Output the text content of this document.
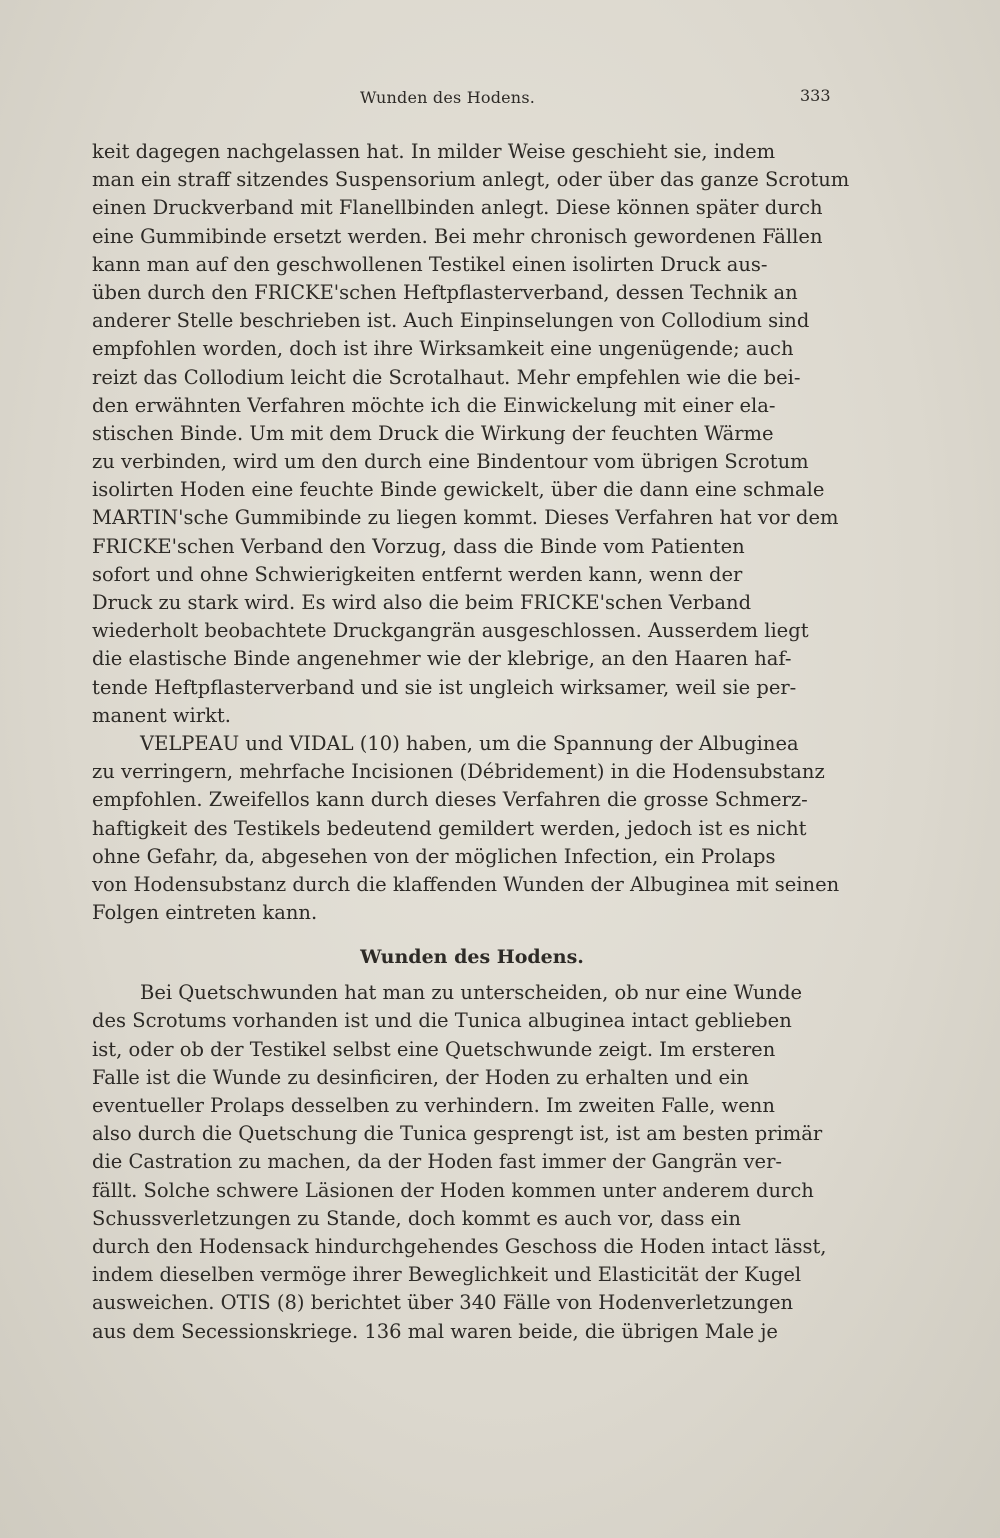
Wunden des Hodens.	333
keit dagegen nachgelassen hat. In milder Weise geschieht sie, indem
man ein straff sitzendes Suspensorium anlegt, oder über das ganze Scrotum
einen Druckverband mit Flanellbinden anlegt. Diese können später durch
eine Gummibinde ersetzt werden. Bei mehr chronisch gewordenen Fällen
kann man auf den geschwollenen Testikel einen isolirten Druck aus-
üben durch den FRICKE'schen Heftpflasterverband, dessen Technik an
anderer Stelle beschrieben ist. Auch Einpinselungen von Collodium sind
empfohlen worden, doch ist ihre Wirksamkeit eine ungenügende; auch
reizt das Collodium leicht die Scrotalhaut. Mehr empfehlen wie die bei-
den erwähnten Verfahren möchte ich die Einwickelung mit einer ela-
stischen Binde. Um mit dem Druck die Wirkung der feuchten Wärme
zu verbinden, wird um den durch eine Bindentour vom übrigen Scrotum
isolirten Hoden eine feuchte Binde gewickelt, über die dann eine schmale
MARTIN'sche Gummibinde zu liegen kommt. Dieses Verfahren hat vor dem
FRICKE'schen Verband den Vorzug, dass die Binde vom Patienten
sofort und ohne Schwierigkeiten entfernt werden kann, wenn der
Druck zu stark wird. Es wird also die beim FRICKE'schen Verband
wiederholt beobachtete Druckgangrän ausgeschlossen. Ausserdem liegt
die elastische Binde angenehmer wie der klebrige, an den Haaren haf-
tende Heftpflasterverband und sie ist ungleich wirksamer, weil sie per-
manent wirkt.
VELPEAU und VIDAL (10) haben, um die Spannung der Albuginea
zu verringern, mehrfache Incisionen (Débridement) in die Hodensubstanz
empfohlen. Zweifellos kann durch dieses Verfahren die grosse Schmerz-
haftigkeit des Testikels bedeutend gemildert werden, jedoch ist es nicht
ohne Gefahr, da, abgesehen von der möglichen Infection, ein Prolaps
von Hodensubstanz durch die klaffenden Wunden der Albuginea mit seinen
Folgen eintreten kann.
Wunden des Hodens.
Bei Quetschwunden hat man zu unterscheiden, ob nur eine Wunde
des Scrotums vorhanden ist und die Tunica albuginea intact geblieben
ist, oder ob der Testikel selbst eine Quetschwunde zeigt. Im ersteren
Falle ist die Wunde zu desinficiren, der Hoden zu erhalten und ein
eventueller Prolaps desselben zu verhindern. Im zweiten Falle, wenn
also durch die Quetschung die Tunica gesprengt ist, ist am besten primär
die Castration zu machen, da der Hoden fast immer der Gangrän ver-
fällt. Solche schwere Läsionen der Hoden kommen unter anderem durch
Schussverletzungen zu Stande, doch kommt es auch vor, dass ein
durch den Hodensack hindurchgehendes Geschoss die Hoden intact lässt,
indem dieselben vermöge ihrer Beweglichkeit und Elasticität der Kugel
ausweichen. OTIS (8) berichtet über 340 Fälle von Hodenverletzungen
aus dem Secessionskriege. 136 mal waren beide, die übrigen Male je
